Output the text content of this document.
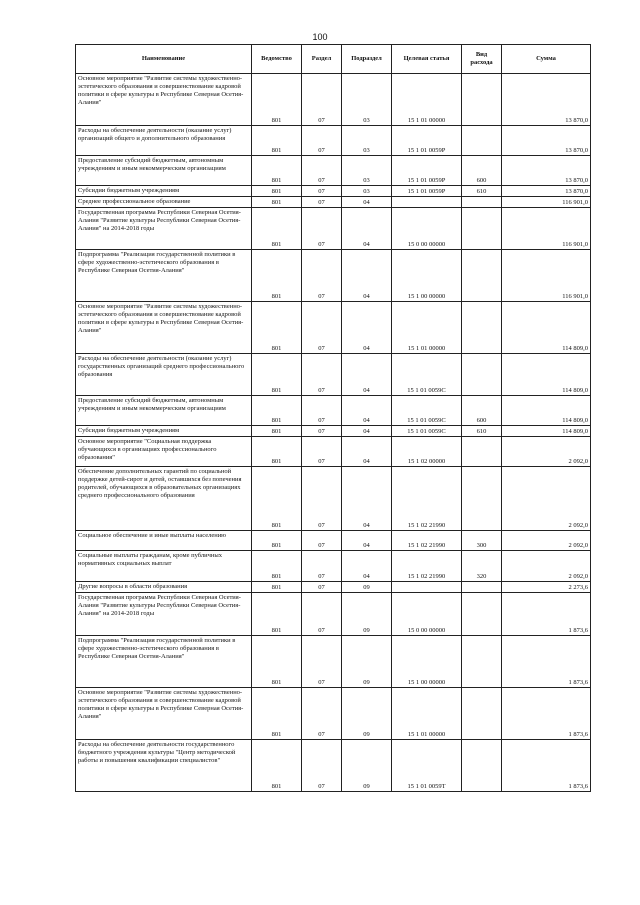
100
Наименование	Ведомство	Раздел	Подраздел	Целевая статья	Вид расхода	Сумма
Основное мероприятие "Развитие системы художественно- эстетического образования и совершенствование кадровой политики в сфере культуры в Республике Северная Осетия-Алания"	801	07	03	15 1 01 00000		13 870,0
Расходы на обеспечение деятельности (оказание услуг) организаций общего и дополнительного образования	801	07	03	15 1 01 0059Р		13 870,0
Предоставление субсидий бюджетным, автономным учреждениям и иным некоммерческим организациям	801	07	03	15 1 01 0059Р	600	13 870,0
Субсидии бюджетным учреждениям	801	07	03	15 1 01 0059Р	610	13 870,0
Среднее профессиональное образование	801	07	04			116 901,0
Государственная программа Республики Северная Осетия-Алания "Развитие культуры Республики Северная Осетия-Алания" на 2014-2018 годы	801	07	04	15 0 00 00000		116 901,0
Подпрограмма "Реализация государственной политики в сфере художественно-эстетического образования в Республике Северная Осетия-Алания"	801	07	04	15 1 00 00000		116 901,0
Основное мероприятие "Развитие системы художественно-эстетического образования и совершенствование кадровой политики в сфере культуры в Республике Северная Осетия-Алания"	801	07	04	15 1 01 00000		114 809,0
Расходы на обеспечение деятельности (оказание услуг) государственных организаций среднего профессионального образования	801	07	04	15 1 01 0059С		114 809,0
Предоставление субсидий бюджетным, автономным учреждениям и иным некоммерческим организациям	801	07	04	15 1 01 0059С	600	114 809,0
Субсидии бюджетным учреждениям	801	07	04	15 1 01 0059С	610	114 809,0
Основное мероприятие "Социальная поддержка обучающихся в организациях профессионального образования"	801	07	04	15 1 02 00000		2 092,0
Обеспечение дополнительных гарантий по социальной поддержке детей-сирот и детей, оставшихся без попечения родителей, обучающихся в образовательных организациях среднего профессионального образования	801	07	04	15 1 02 21990		2 092,0
Социальное обеспечение и иные выплаты населению	801	07	04	15 1 02 21990	300	2 092,0
Социальные выплаты гражданам, кроме публичных нормативных социальных выплат	801	07	04	15 1 02 21990	320	2 092,0
Другие вопросы в области образования	801	07	09			2 273,6
Государственная программа Республики Северная Осетия-Алания "Развитие культуры Республики Северная Осетия-Алания" на 2014-2018 годы	801	07	09	15 0 00 00000		1 873,6
Подпрограмма "Реализация государственной политики в сфере художественно-эстетического образования в Республике Северная Осетия-Алания"	801	07	09	15 1 00 00000		1 873,6
Основное мероприятие "Развитие системы художественно-эстетического образования и совершенствование кадровой политики в сфере культуры в Республике Северная Осетия-Алания"	801	07	09	15 1 01 00000		1 873,6
Расходы на обеспечение деятельности государственного бюджетного учреждения культуры "Центр методической работы и повышения квалификации специалистов"	801	07	09	15 1 01 0059Т		1 873,6
